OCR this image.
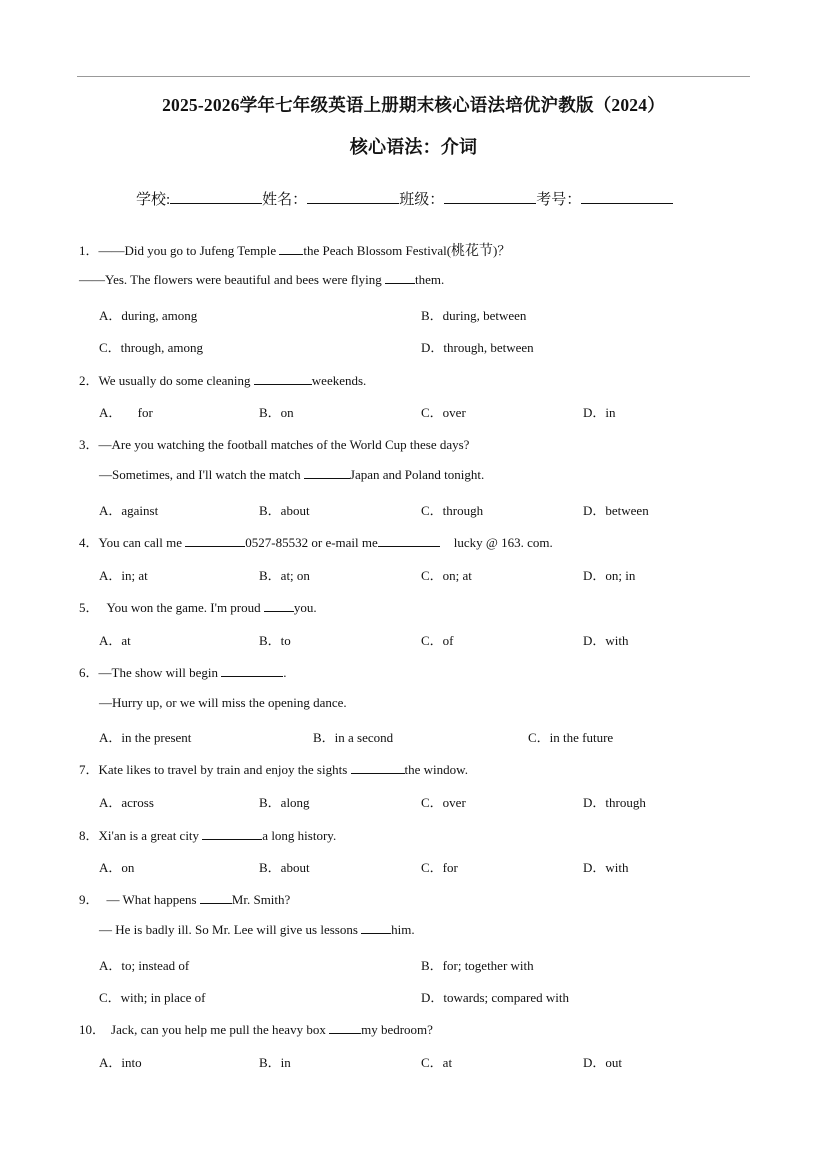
2025-2026学年七年级英语上册期末核心语法培优沪教版（2024）
核心语法：介词
学校:	姓名：	班级：	考号：
1．——Did you go to Jufeng Temple the Peach Blossom Festival(桃花节)？
——Yes. The flowers were beautiful and bees were flying them.
A．during, among	B．during, between
C．through, among	D．through, between
2．We usually do some cleaning	weekends.
A．     for	B．on	C．over	D．in
3．—Are you watching the football matches of the World Cup these days?
—Sometimes, and I'll watch the match	Japan and Poland tonight.
A．against	B．about	C．through	D．between
4．You can call me	0527-85532 or e-mail me	lucky @ 163. com.
A．in; at	B．at; on	C．on; at	D．on; in
5． You won the game. I'm proud you.
A．at	B．to	C．of	D．with
6．—The show will begin	.
—Hurry up, or we will miss the opening dance.
A．in the present	B．in a second	C．in the future
7．Kate likes to travel by train and enjoy the sights	the window.
A．across	B．along	C．over	D．through
8．Xi'an is a great city	a long history.
A．on	B．about	C．for	D．with
9． — What happens Mr. Smith?
— He is badly ill. So Mr. Lee will give us lessons him.
A．to; instead of	B．for; together with
C．with; in place of	D．towards; compared with
10． Jack, can you help me pull the heavy box my bedroom?
A．into	B．in	C．at	D．out
